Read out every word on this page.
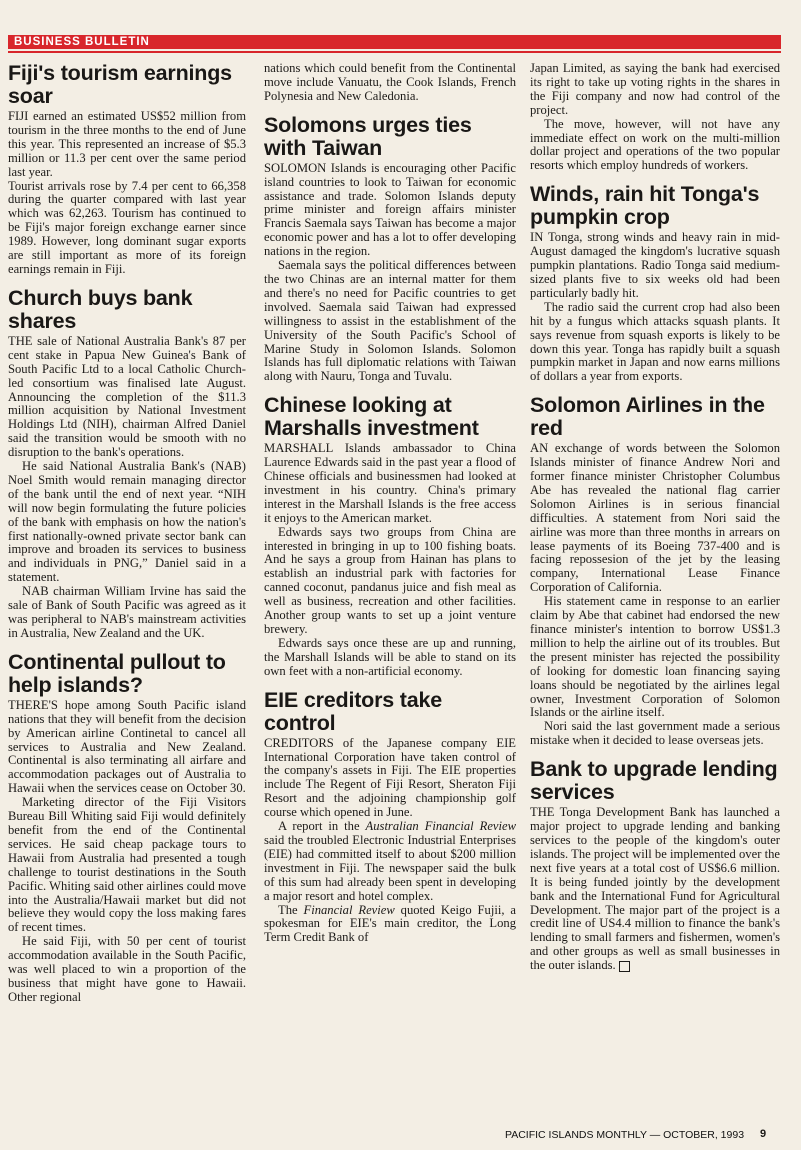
BUSINESS BULLETIN
Fiji's tourism earnings soar

FIJI earned an estimated US$52 million from tourism in the three months to the end of June this year. This represented an increase of $5.3 million or 11.3 per cent over the same period last year.

Tourist arrivals rose by 7.4 per cent to 66,358 during the quarter compared with last year which was 62,263. Tourism has continued to be Fiji's major foreign exchange earner since 1989. However, long dominant sugar exports are still important as more of its foreign earnings remain in Fiji.

Church buys bank shares

THE sale of National Australia Bank's 87 per cent stake in Papua New Guinea's Bank of South Pacific Ltd to a local Catholic Church-led consortium was finalised late August. Announcing the completion of the $11.3 million acquisition by National Investment Holdings Ltd (NIH), chairman Alfred Daniel said the transition would be smooth with no disruption to the bank's operations.

He said National Australia Bank's (NAB) Noel Smith would remain managing director of the bank until the end of next year. “NIH will now begin formulating the future policies of the bank with emphasis on how the nation's first nationally-owned private sector bank can improve and broaden its services to business and individuals in PNG,” Daniel said in a statement.

NAB chairman William Irvine has said the sale of Bank of South Pacific was agreed as it was peripheral to NAB's mainstream activities in Australia, New Zealand and the UK.

Continental pullout to help islands?

THERE'S hope among South Pacific island nations that they will benefit from the decision by American airline Continetal to cancel all services to Australia and New Zealand. Continental is also terminating all airfare and accommodation packages out of Australia to Hawaii when the services cease on October 30.

Marketing director of the Fiji Visitors Bureau Bill Whiting said Fiji would definitely benefit from the end of the Continental services. He said cheap package tours to Hawaii from Australia had presented a tough challenge to tourist destinations in the South Pacific. Whiting said other airlines could move into the Australia/Hawaii market but did not believe they would copy the loss making fares of recent times.

He said Fiji, with 50 per cent of tourist accommodation available in the South Pacific, was well placed to win a proportion of the business that might have gone to Hawaii. Other regional

nations which could benefit from the Continental move include Vanuatu, the Cook Islands, French Polynesia and New Caledonia.

Solomons urges ties with Taiwan

SOLOMON Islands is encouraging other Pacific island countries to look to Taiwan for economic assistance and trade. Solomon Islands deputy prime minister and foreign affairs minister Francis Saemala says Taiwan has become a major economic power and has a lot to offer developing nations in the region.

Saemala says the political differences between the two Chinas are an internal matter for them and there's no need for Pacific countries to get involved. Saemala said Taiwan had expressed willingness to assist in the establishment of the University of the South Pacific's School of Marine Study in Solomon Islands. Solomon Islands has full diplomatic relations with Taiwan along with Nauru, Tonga and Tuvalu.

Chinese looking at Marshalls investment

MARSHALL Islands ambassador to China Laurence Edwards said in the past year a flood of Chinese officials and businessmen had looked at investment in his country. China's primary interest in the Marshall Islands is the free access it enjoys to the American market.

Edwards says two groups from China are interested in bringing in up to 100 fishing boats. And he says a group from Hainan has plans to establish an industrial park with factories for canned coconut, pandanus juice and fish meal as well as business, recreation and other facilities. Another group wants to set up a joint venture brewery.

Edwards says once these are up and running, the Marshall Islands will be able to stand on its own feet with a non-artificial economy.

EIE creditors take control

CREDITORS of the Japanese company EIE International Corporation have taken control of the company's assets in Fiji. The EIE properties include The Regent of Fiji Resort, Sheraton Fiji Resort and the adjoining championship golf course which opened in June.

A report in the Australian Financial Review said the troubled Electronic Industrial Enterprises (EIE) had committed itself to about $200 million investment in Fiji. The newspaper said the bulk of this sum had already been spent in developing a major resort and hotel complex.

The Financial Review quoted Keigo Fujii, a spokesman for EIE's main creditor, the Long Term Credit Bank of

Japan Limited, as saying the bank had exercised its right to take up voting rights in the shares in the Fiji company and now had control of the project.

The move, however, will not have any immediate effect on work on the multi-million dollar project and operations of the two popular resorts which employ hundreds of workers.

Winds, rain hit Tonga's pumpkin crop

IN Tonga, strong winds and heavy rain in mid-August damaged the kingdom's lucrative squash pumpkin plantations. Radio Tonga said medium-sized plants five to six weeks old had been particularly badly hit.

The radio said the current crop had also been hit by a fungus which attacks squash plants. It says revenue from squash exports is likely to be down this year. Tonga has rapidly built a squash pumpkin market in Japan and now earns millions of dollars a year from exports.

Solomon Airlines in the red

AN exchange of words between the Solomon Islands minister of finance Andrew Nori and former finance minister Christopher Columbus Abe has revealed the national flag carrier Solomon Airlines is in serious financial difficulties. A statement from Nori said the airline was more than three months in arrears on lease payments of its Boeing 737-400 and is facing repossesion of the jet by the leasing company, International Lease Finance Corporation of California.

His statement came in response to an earlier claim by Abe that cabinet had endorsed the new finance minister's intention to borrow US$1.3 million to help the airline out of its troubles. But the present minister has rejected the possibility of looking for domestic loan financing saying loans should be negotiated by the airlines legal owner, Investment Corporation of Solomon Islands or the airline itself.

Nori said the last government made a serious mistake when it decided to lease overseas jets.

Bank to upgrade lending services

THE Tonga Development Bank has launched a major project to upgrade lending and banking services to the people of the kingdom's outer islands. The project will be implemented over the next five years at a total cost of US$6.6 million. It is being funded jointly by the development bank and the International Fund for Agricultural Development. The major part of the project is a credit line of US4.4 million to finance the bank's lending to small farmers and fishermen, women's and other groups as well as small businesses in the outer islands.

PACIFIC ISLANDS MONTHLY — OCTOBER, 1993 9
